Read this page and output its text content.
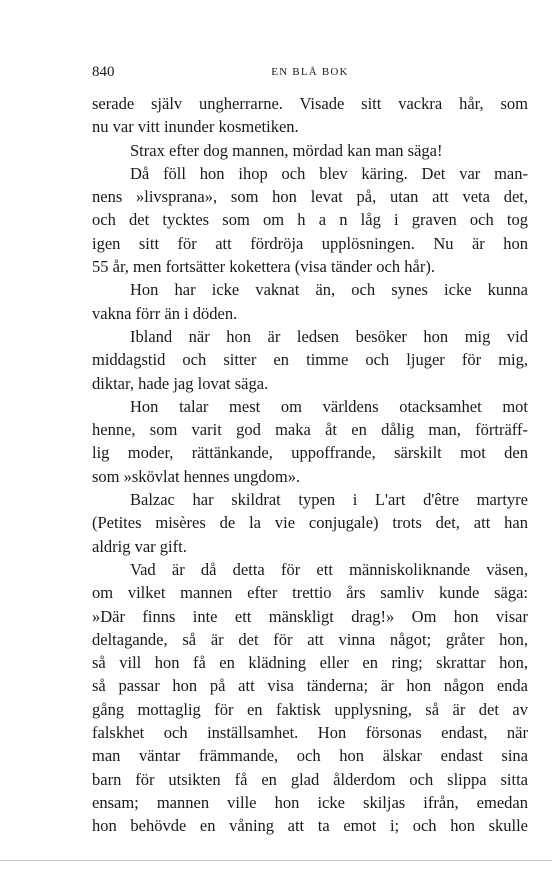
840	EN BLÅ BOK
serade själv ungherrarne. Visade sitt vackra hår, som
nu var vitt inunder kosmetiken.
Strax efter dog mannen, mördad kan man säga!
Då föll hon ihop och blev käring. Det var man-
nens »livsprana», som hon levat på, utan att veta det,
och det tycktes som om h a n låg i graven och tog
igen sitt för att fördröja upplösningen. Nu är hon
55 år, men fortsätter kokettera (visa tänder och hår).
Hon har icke vaknat än, och synes icke kunna
vakna förr än i döden.
Ibland när hon är ledsen besöker hon mig vid
middagstid och sitter en timme och ljuger för mig,
diktar, hade jag lovat säga.
Hon talar mest om världens otacksamhet mot
henne, som varit god maka åt en dålig man, förträff-
lig moder, rättänkande, uppoffrande, särskilt mot den
som »skövlat hennes ungdom».
Balzac har skildrat typen i L'art d'être martyre
(Petites misères de la vie conjugale) trots det, att han
aldrig var gift.
Vad är då detta för ett människoliknande väsen,
om vilket mannen efter trettio års samliv kunde säga:
»Där finns inte ett mänskligt drag!» Om hon visar
deltagande, så är det för att vinna något; gråter hon,
så vill hon få en klädning eller en ring; skrattar hon,
så passar hon på att visa tänderna; är hon någon enda
gång mottaglig för en faktisk upplysning, så är det av
falskhet och inställsamhet. Hon försonas endast, när
man väntar främmande, och hon älskar endast sina
barn för utsikten få en glad ålderdom och slippa sitta
ensam; mannen ville hon icke skiljas ifrån, emedan
hon behövde en våning att ta emot i; och hon skulle
